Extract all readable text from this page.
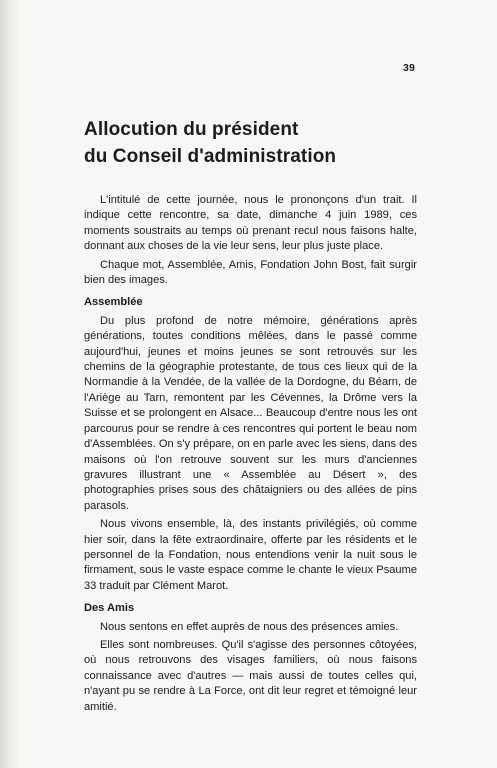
39
Allocution du président
du Conseil d'administration

L'intitulé de cette journée, nous le prononçons d'un trait. Il indique cette rencontre, sa date, dimanche 4 juin 1989, ces moments soustraits au temps où prenant recul nous faisons halte, donnant aux choses de la vie leur sens, leur plus juste place.

Chaque mot, Assemblée, Amis, Fondation John Bost, fait surgir bien des images.

Assemblée

Du plus profond de notre mémoire, générations après générations, toutes conditions mêlées, dans le passé comme aujourd'hui, jeunes et moins jeunes se sont retrouvés sur les chemins de la géographie protestante, de tous ces lieux qui de la Normandie à la Vendée, de la vallée de la Dordogne, du Béarn, de l'Ariège au Tarn, remontent par les Cévennes, la Drôme vers la Suisse et se prolongent en Alsace... Beaucoup d'entre nous les ont parcourus pour se rendre à ces rencontres qui portent le beau nom d'Assemblées. On s'y prépare, on en parle avec les siens, dans des maisons où l'on retrouve souvent sur les murs d'anciennes gravures illustrant une « Assemblée au Désert », des photographies prises sous des châtaigniers ou des allées de pins parasols.

Nous vivons ensemble, là, des instants privilégiés, où comme hier soir, dans la fête extraordinaire, offerte par les résidents et le personnel de la Fondation, nous entendions venir la nuit sous le firmament, sous le vaste espace comme le chante le vieux Psaume 33 traduit par Clément Marot.

Des Amis

Nous sentons en effet auprès de nous des présences amies.

Elles sont nombreuses. Qu'il s'agisse des personnes côtoyées, où nous retrouvons des visages familiers, où nous faisons connaissance avec d'autres — mais aussi de toutes celles qui, n'ayant pu se rendre à La Force, ont dit leur regret et témoigné leur amitié.
